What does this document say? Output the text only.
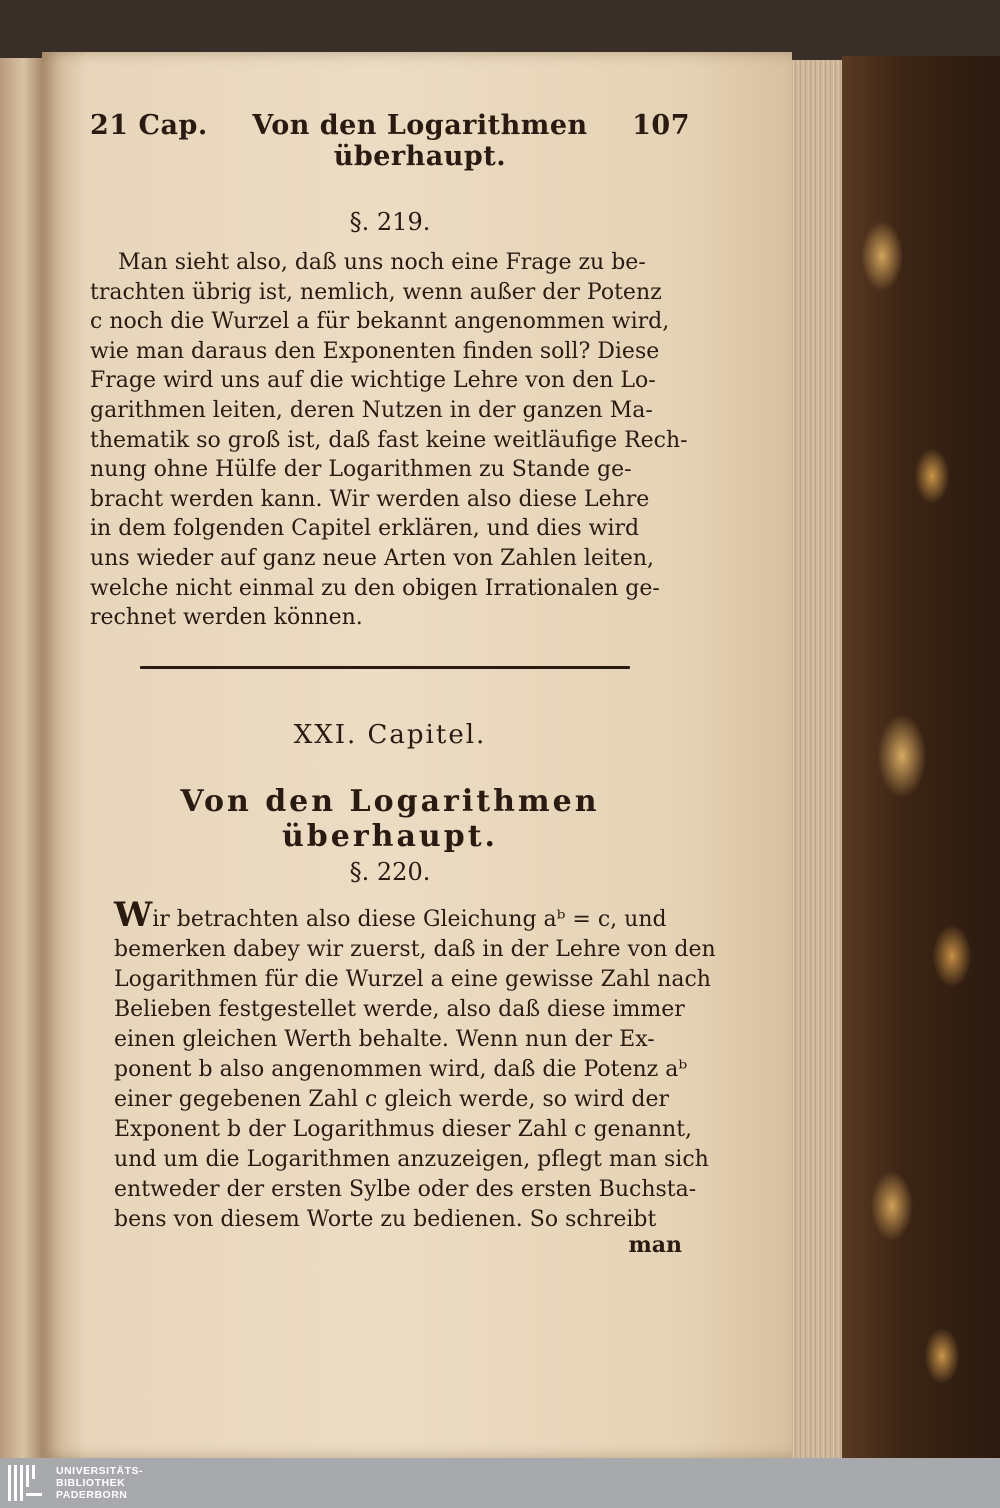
21 Cap.	Von den Logarithmen überhaupt.
107
§. 219.
Man sieht also, daß uns noch eine Frage zu be-
trachten übrig ist, nemlich, wenn außer der Potenz
c noch die Wurzel a für bekannt angenommen wird,
wie man daraus den Exponenten finden soll? Diese
Frage wird uns auf die wichtige Lehre von den Lo-
garithmen leiten, deren Nutzen in der ganzen Ma-
thematik so groß ist, daß fast keine weitläufige Rech-
nung ohne Hülfe der Logarithmen zu Stande ge-
bracht werden kann. Wir werden also diese Lehre
in dem folgenden Capitel erklären, und dies wird
uns wieder auf ganz neue Arten von Zahlen leiten,
welche nicht einmal zu den obigen Irrationalen ge-
rechnet werden können.
XXI. Capitel.
Von den Logarithmen überhaupt.
§. 220.
Wir betrachten also diese Gleichung aᵇ = c, und
bemerken dabey wir zuerst, daß in der Lehre von den
Logarithmen für die Wurzel a eine gewisse Zahl nach
Belieben festgestellet werde, also daß diese immer
einen gleichen Werth behalte. Wenn nun der Ex-
ponent b also angenommen wird, daß die Potenz aᵇ
einer gegebenen Zahl c gleich werde, so wird der
Exponent b der Logarithmus dieser Zahl c genannt,
und um die Logarithmen anzuzeigen, pflegt man sich
entweder der ersten Sylbe oder des ersten Buchsta-
bens von diesem Worte zu bedienen. So schreibt
man
UNIVERSITÄTS-
BIBLIOTHEK
PADERBORN
